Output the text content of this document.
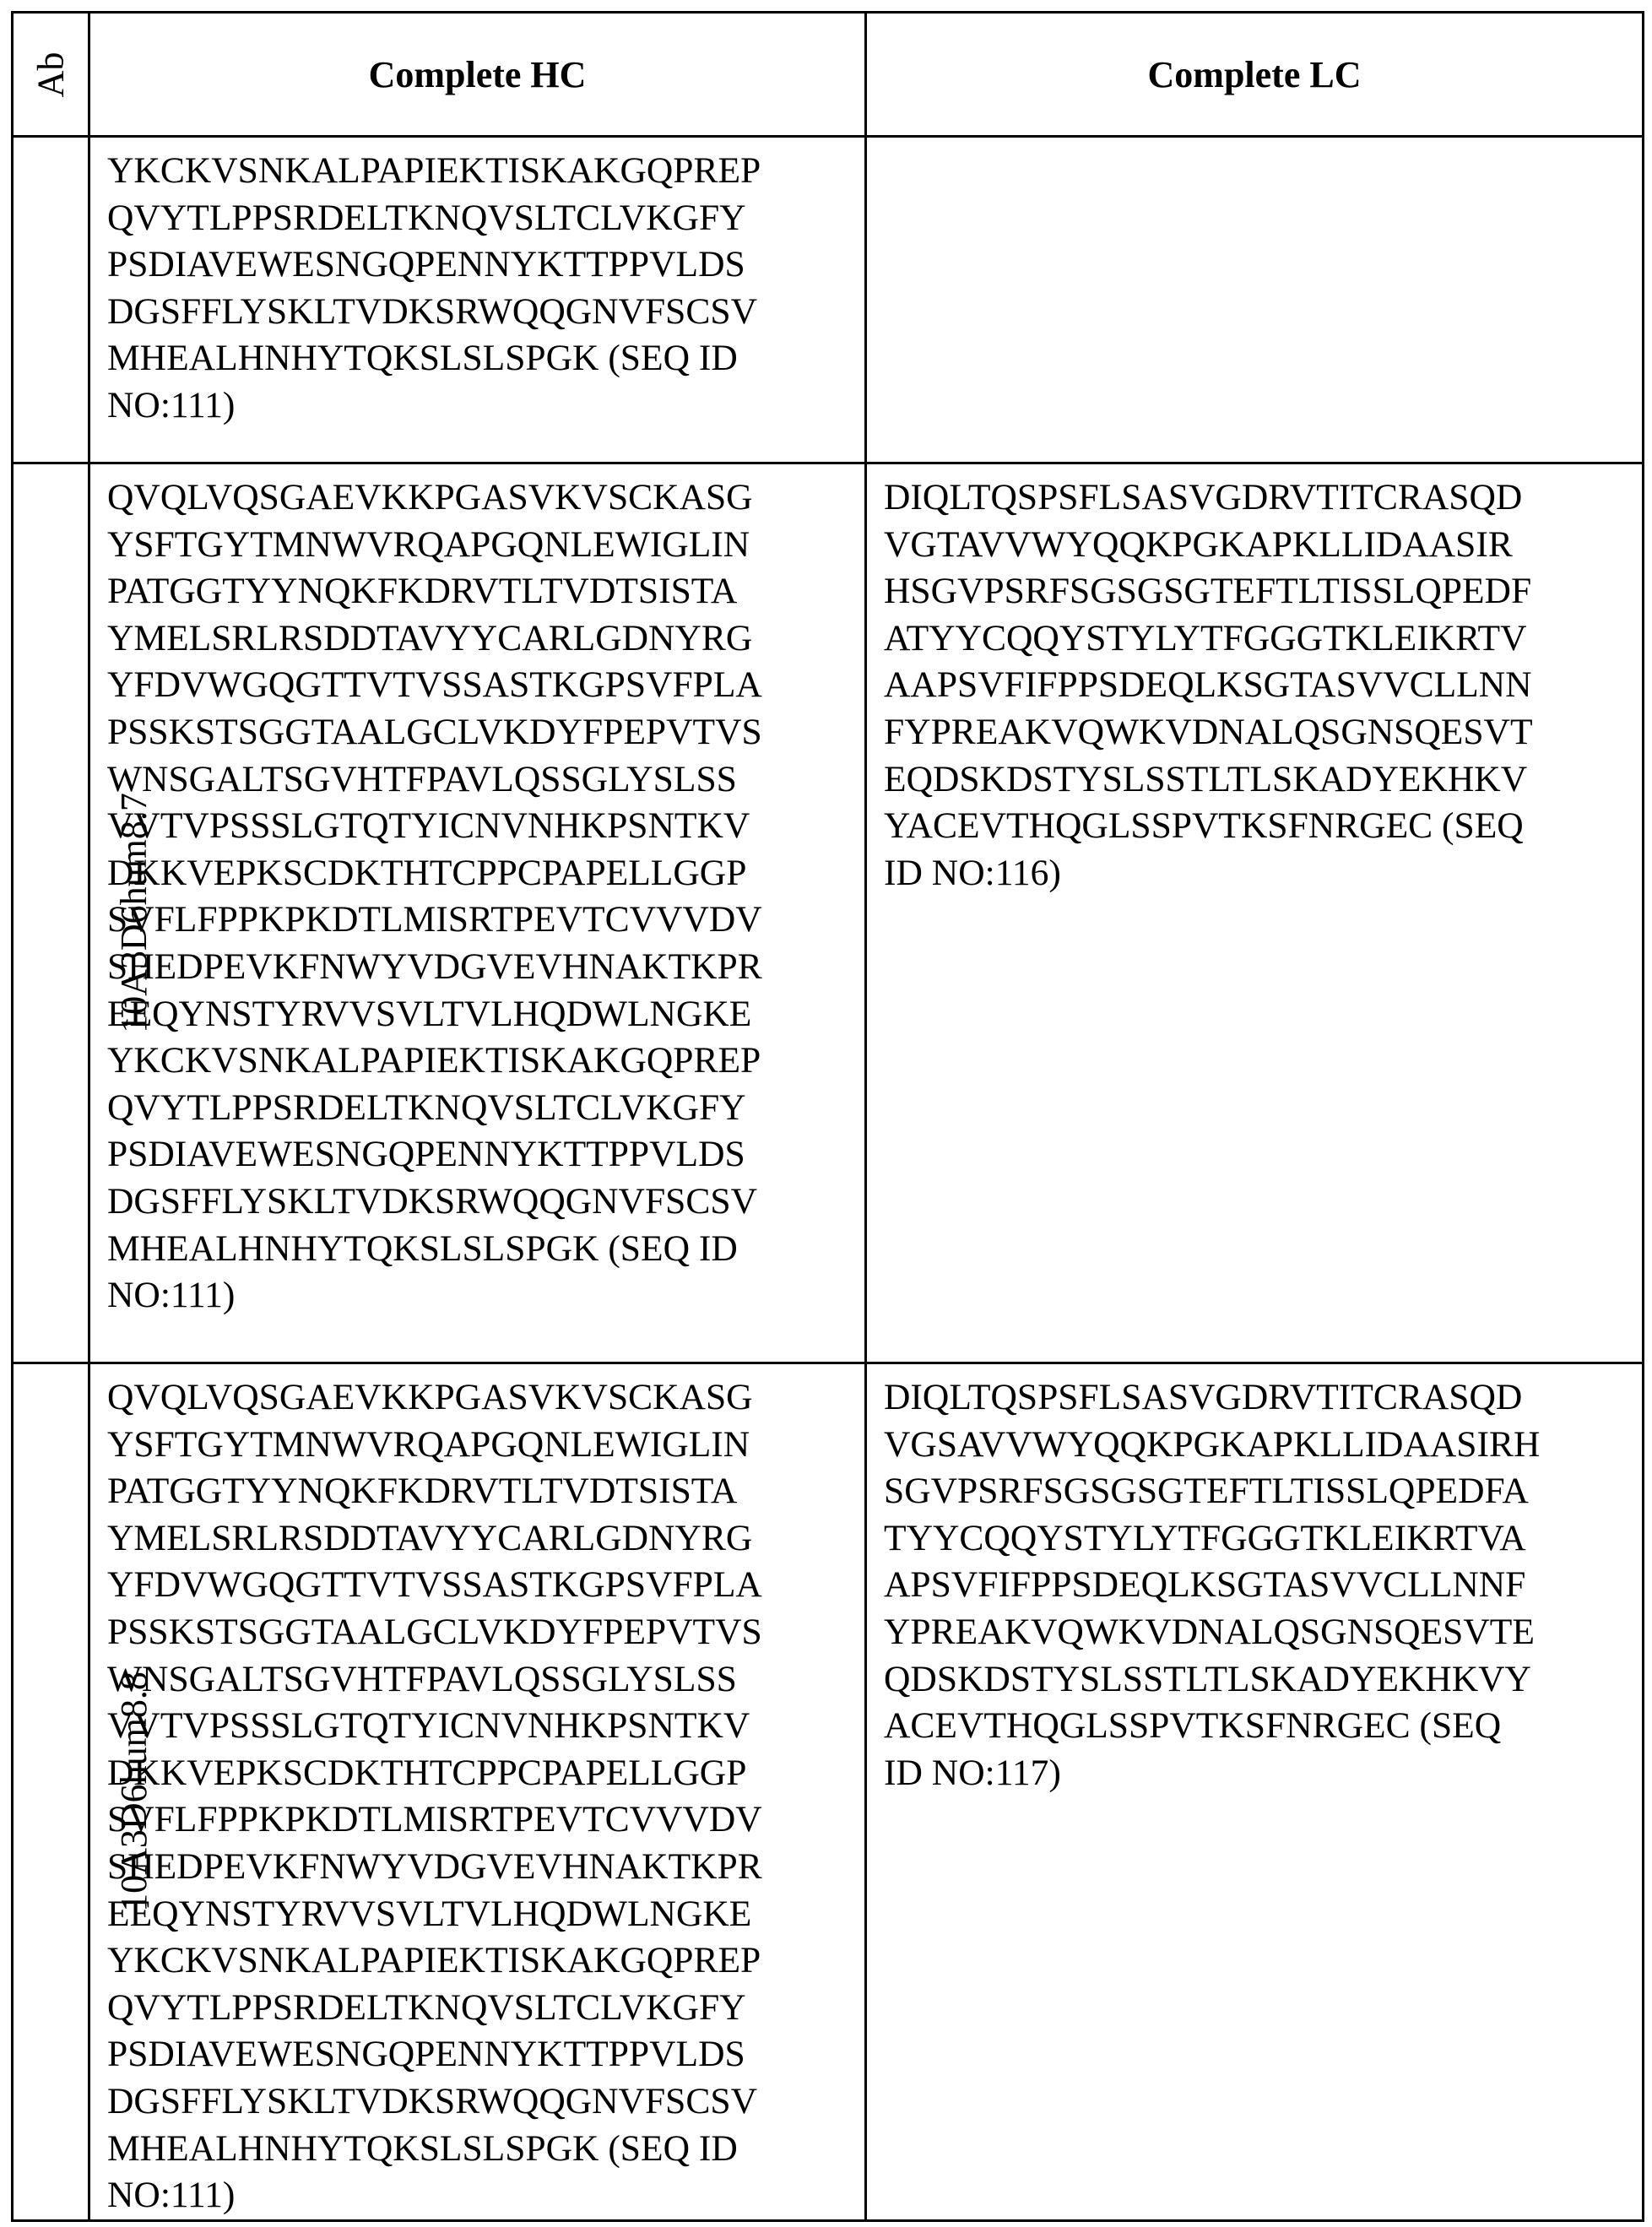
Ab	Complete HC	Complete LC

YKCKVSNKALPAPIEKTISKAKGQPREP
QVYTLPPSRDELTKNQVSLTCLVKGFY
PSDIAVEWESNGQPENNYKTTPPVLDS
DGSFFLYSKLTVDKSRWQQGNVFSCSV
MHEALHNHYTQKSLSLSPGK (SEQ ID
NO:111)

10A3D6hum8.7	
QVQLVQSGAEVKKPGASVKVSCKASG
YSFTGYTMNWVRQAPGQNLEWIGLIN
PATGGTYYNQKFKDRVTLTVDTSISTA
YMELSRLRSDDTAVYYCARLGDNYRG
YFDVWGQGTTVTVSSASTKGPSVFPLA
PSSKSTSGGTAALGCLVKDYFPEPVTVS
WNSGALTSGVHTFPAVLQSSGLYSLSS
VVTVPSSSLGTQTYICNVNHKPSNTKV
DKKVEPKSCDKTHTCPPCPAPELLGGP
SVFLFPPKPKDTLMISRTPEVTCVVVDV
SHEDPEVKFNWYVDGVEVHNAKTKPR
EEQYNSTYRVVSVLTVLHQDWLNGKE
YKCKVSNKALPAPIEKTISKAKGQPREP
QVYTLPPSRDELTKNQVSLTCLVKGFY
PSDIAVEWESNGQPENNYKTTPPVLDS
DGSFFLYSKLTVDKSRWQQGNVFSCSV
MHEALHNHYTQKSLSLSPGK (SEQ ID
NO:111)

DIQLTQSPSFLSASVGDRVTITCRASQD
VGTAVVWYQQKPGKAPKLLIDAASIR
HSGVPSRFSGSGSGTEFTLTISSLQPEDF
ATYYCQQYSTYLYTFGGGTKLEIKRTV
AAPSVFIFPPSDEQLKSGTASVVCLLNN
FYPREAKVQWKVDNALQSGNSQESVT
EQDSKDSTYSLSSTLTLSKADYEKHKV
YACEVTHQGLSSPVTKSFNRGEC (SEQ
ID NO:116)

10A3D6hum8.8	
QVQLVQSGAEVKKPGASVKVSCKASG
YSFTGYTMNWVRQAPGQNLEWIGLIN
PATGGTYYNQKFKDRVTLTVDTSISTA
YMELSRLRSDDTAVYYCARLGDNYRG
YFDVWGQGTTVTVSSASTKGPSVFPLA
PSSKSTSGGTAALGCLVKDYFPEPVTVS
WNSGALTSGVHTFPAVLQSSGLYSLSS
VVTVPSSSLGTQTYICNVNHKPSNTKV
DKKVEPKSCDKTHTCPPCPAPELLGGP
SVFLFPPKPKDTLMISRTPEVTCVVVDV
SHEDPEVKFNWYVDGVEVHNAKTKPR
EEQYNSTYRVVSVLTVLHQDWLNGKE
YKCKVSNKALPAPIEKTISKAKGQPREP
QVYTLPPSRDELTKNQVSLTCLVKGFY
PSDIAVEWESNGQPENNYKTTPPVLDS
DGSFFLYSKLTVDKSRWQQGNVFSCSV
MHEALHNHYTQKSLSLSPGK (SEQ ID
NO:111)

DIQLTQSPSFLSASVGDRVTITCRASQD
VGSAVVWYQQKPGKAPKLLIDAASIRH
SGVPSRFSGSGSGTEFTLTISSLQPEDFA
TYYCQQYSTYLYTFGGGTKLEIKRTVA
APSVFIFPPSDEQLKSGTASVVCLLNNF
YPREAKVQWKVDNALQSGNSQESVTE
QDSKDSTYSLSSTLTLSKADYEKHKVY
ACEVTHQGLSSPVTKSFNRGEC (SEQ
ID NO:117)
